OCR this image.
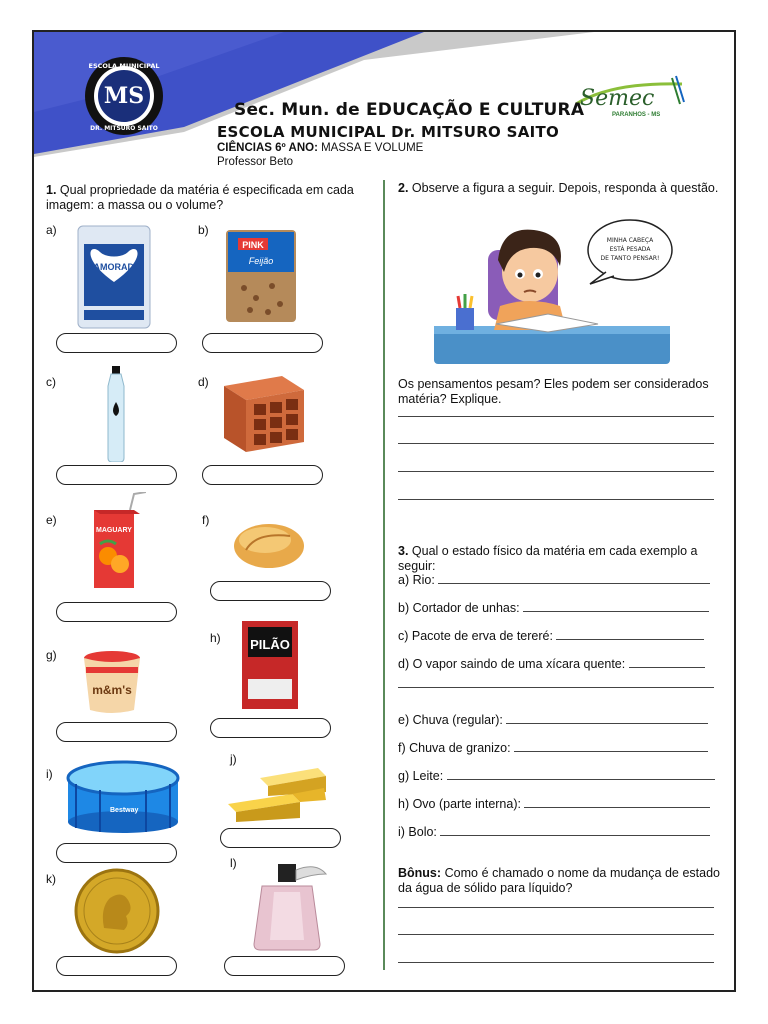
MS
ESCOLA MUNICIPAL
DR. MITSURO SAITO
Semec
PARANHOS - MS
Sec. Mun. de EDUCAÇÃO E CULTURA
ESCOLA MUNICIPAL Dr. MITSURO SAITO
CIÊNCIAS 6º ANO: MASSA E VOLUME
Professor Beto
1. Qual propriedade da matéria é especificada em cada imagem: a massa ou o volume?
a)
NAMORADO
b)
PINK
Feijão
c)	d)
e)
MAGUARY
f)
g)
m&m's
h) PILÃO
i)
Bestway
j)
k)
l)
2. Observe a figura a seguir. Depois, responda à questão.
MINHA CABEÇA
ESTÁ PESADA
DE TANTO PENSAR!
Os pensamentos pesam? Eles podem ser considerados matéria? Explique.
3. Qual o estado físico da matéria em cada exemplo a seguir:
a) Rio:
b) Cortador de unhas:
c) Pacote de erva de tereré:
d) O vapor saindo de uma xícara quente:
e) Chuva (regular):
f) Chuva de granizo:
g) Leite:
h) Ovo (parte interna):
i) Bolo:
Bônus: Como é chamado o nome da mudança de estado da água de sólido para líquido?
